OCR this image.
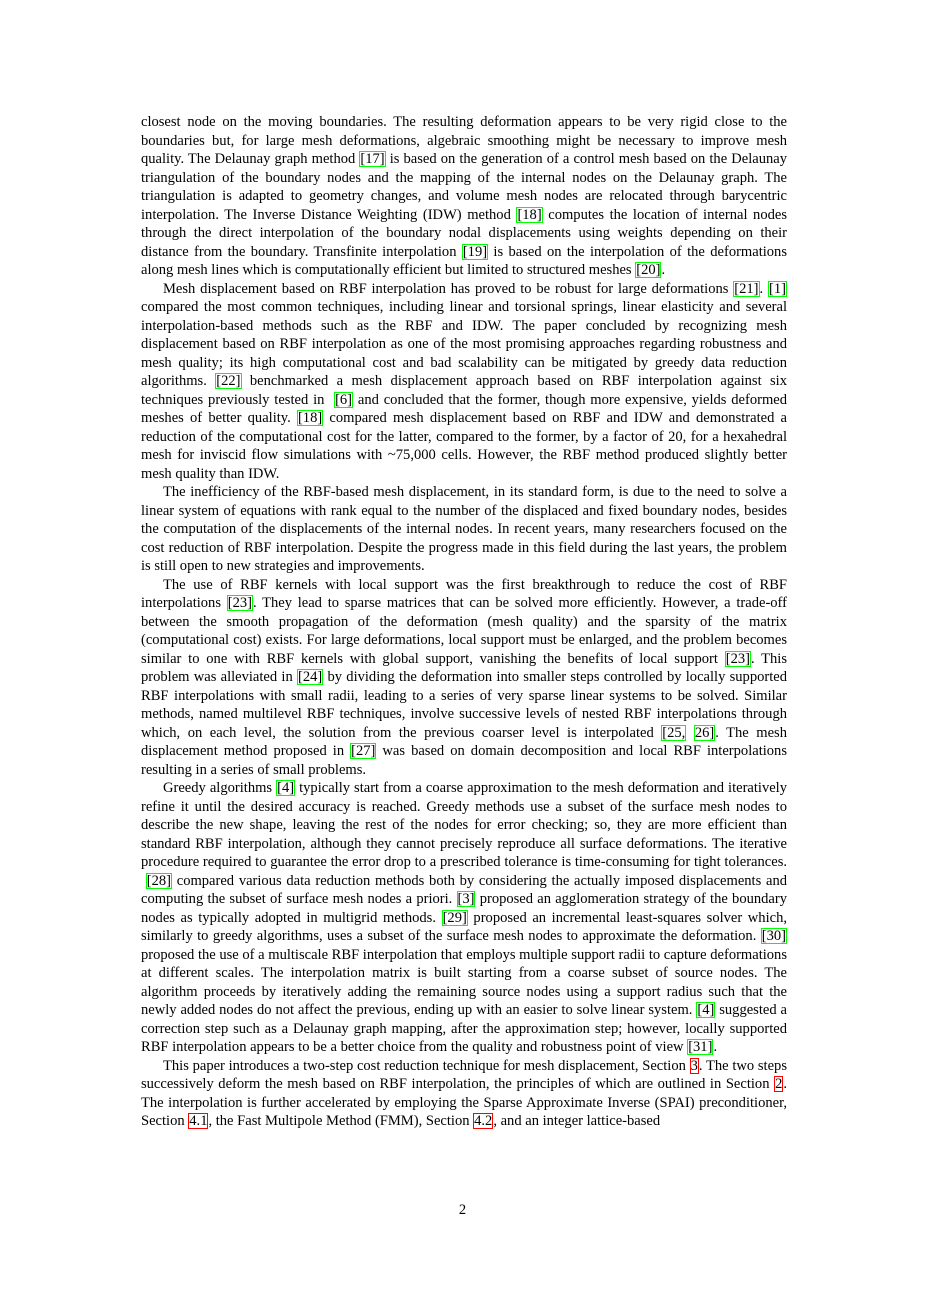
closest node on the moving boundaries. The resulting deformation appears to be very rigid close to the boundaries but, for large mesh deformations, algebraic smoothing might be necessary to improve mesh quality. The Delaunay graph method [17] is based on the generation of a control mesh based on the Delaunay triangulation of the boundary nodes and the mapping of the internal nodes on the Delaunay graph. The triangulation is adapted to geometry changes, and volume mesh nodes are relocated through barycentric interpolation. The Inverse Distance Weighting (IDW) method [18] computes the location of internal nodes through the direct interpolation of the boundary nodal displacements using weights depending on their distance from the boundary. Transfinite interpolation [19] is based on the interpolation of the deformations along mesh lines which is computationally efficient but limited to structured meshes [20].

Mesh displacement based on RBF interpolation has proved to be robust for large deformations [21]. [1] compared the most common techniques, including linear and torsional springs, linear elasticity and several interpolation-based methods such as the RBF and IDW. The paper concluded by recognizing mesh displacement based on RBF interpolation as one of the most promising approaches regarding robustness and mesh quality; its high computational cost and bad scalability can be mitigated by greedy data reduction algorithms. [22] benchmarked a mesh displacement approach based on RBF interpolation against six techniques previously tested in  [6] and concluded that the former, though more expensive, yields deformed meshes of better quality. [18] compared mesh displacement based on RBF and IDW and demonstrated a reduction of the computational cost for the latter, compared to the former, by a factor of 20, for a hexahedral mesh for inviscid flow simulations with ~75,000 cells. However, the RBF method produced slightly better mesh quality than IDW.

The inefficiency of the RBF-based mesh displacement, in its standard form, is due to the need to solve a linear system of equations with rank equal to the number of the displaced and fixed boundary nodes, besides the computation of the displacements of the internal nodes. In recent years, many researchers focused on the cost reduction of RBF interpolation. Despite the progress made in this field during the last years, the problem is still open to new strategies and improvements.

The use of RBF kernels with local support was the first breakthrough to reduce the cost of RBF interpolations [23]. They lead to sparse matrices that can be solved more efficiently. However, a trade-off between the smooth propagation of the deformation (mesh quality) and the sparsity of the matrix (computational cost) exists. For large deformations, local support must be enlarged, and the problem becomes similar to one with RBF kernels with global support, vanishing the benefits of local support [23]. This problem was alleviated in [24] by dividing the deformation into smaller steps controlled by locally supported RBF interpolations with small radii, leading to a series of very sparse linear systems to be solved. Similar methods, named multilevel RBF techniques, involve successive levels of nested RBF interpolations through which, on each level, the solution from the previous coarser level is interpolated [25, 26]. The mesh displacement method proposed in [27] was based on domain decomposition and local RBF interpolations resulting in a series of small problems.

Greedy algorithms [4] typically start from a coarse approximation to the mesh deformation and iteratively refine it until the desired accuracy is reached. Greedy methods use a subset of the surface mesh nodes to describe the new shape, leaving the rest of the nodes for error checking; so, they are more efficient than standard RBF interpolation, although they cannot precisely reproduce all surface deformations. The iterative procedure required to guarantee the error drop to a prescribed tolerance is time-consuming for tight tolerances.  [28] compared various data reduction methods both by considering the actually imposed displacements and computing the subset of surface mesh nodes a priori. [3] proposed an agglomeration strategy of the boundary nodes as typically adopted in multigrid methods. [29] proposed an incremental least-squares solver which, similarly to greedy algorithms, uses a subset of the surface mesh nodes to approximate the deformation. [30] proposed the use of a multiscale RBF interpolation that employs multiple support radii to capture deformations at different scales. The interpolation matrix is built starting from a coarse subset of source nodes. The algorithm proceeds by iteratively adding the remaining source nodes using a support radius such that the newly added nodes do not affect the previous, ending up with an easier to solve linear system. [4] suggested a correction step such as a Delaunay graph mapping, after the approximation step; however, locally supported RBF interpolation appears to be a better choice from the quality and robustness point of view [31].

This paper introduces a two-step cost reduction technique for mesh displacement, Section 3. The two steps successively deform the mesh based on RBF interpolation, the principles of which are outlined in Section 2. The interpolation is further accelerated by employing the Sparse Approximate Inverse (SPAI) preconditioner, Section 4.1, the Fast Multipole Method (FMM), Section 4.2, and an integer lattice-based

2
